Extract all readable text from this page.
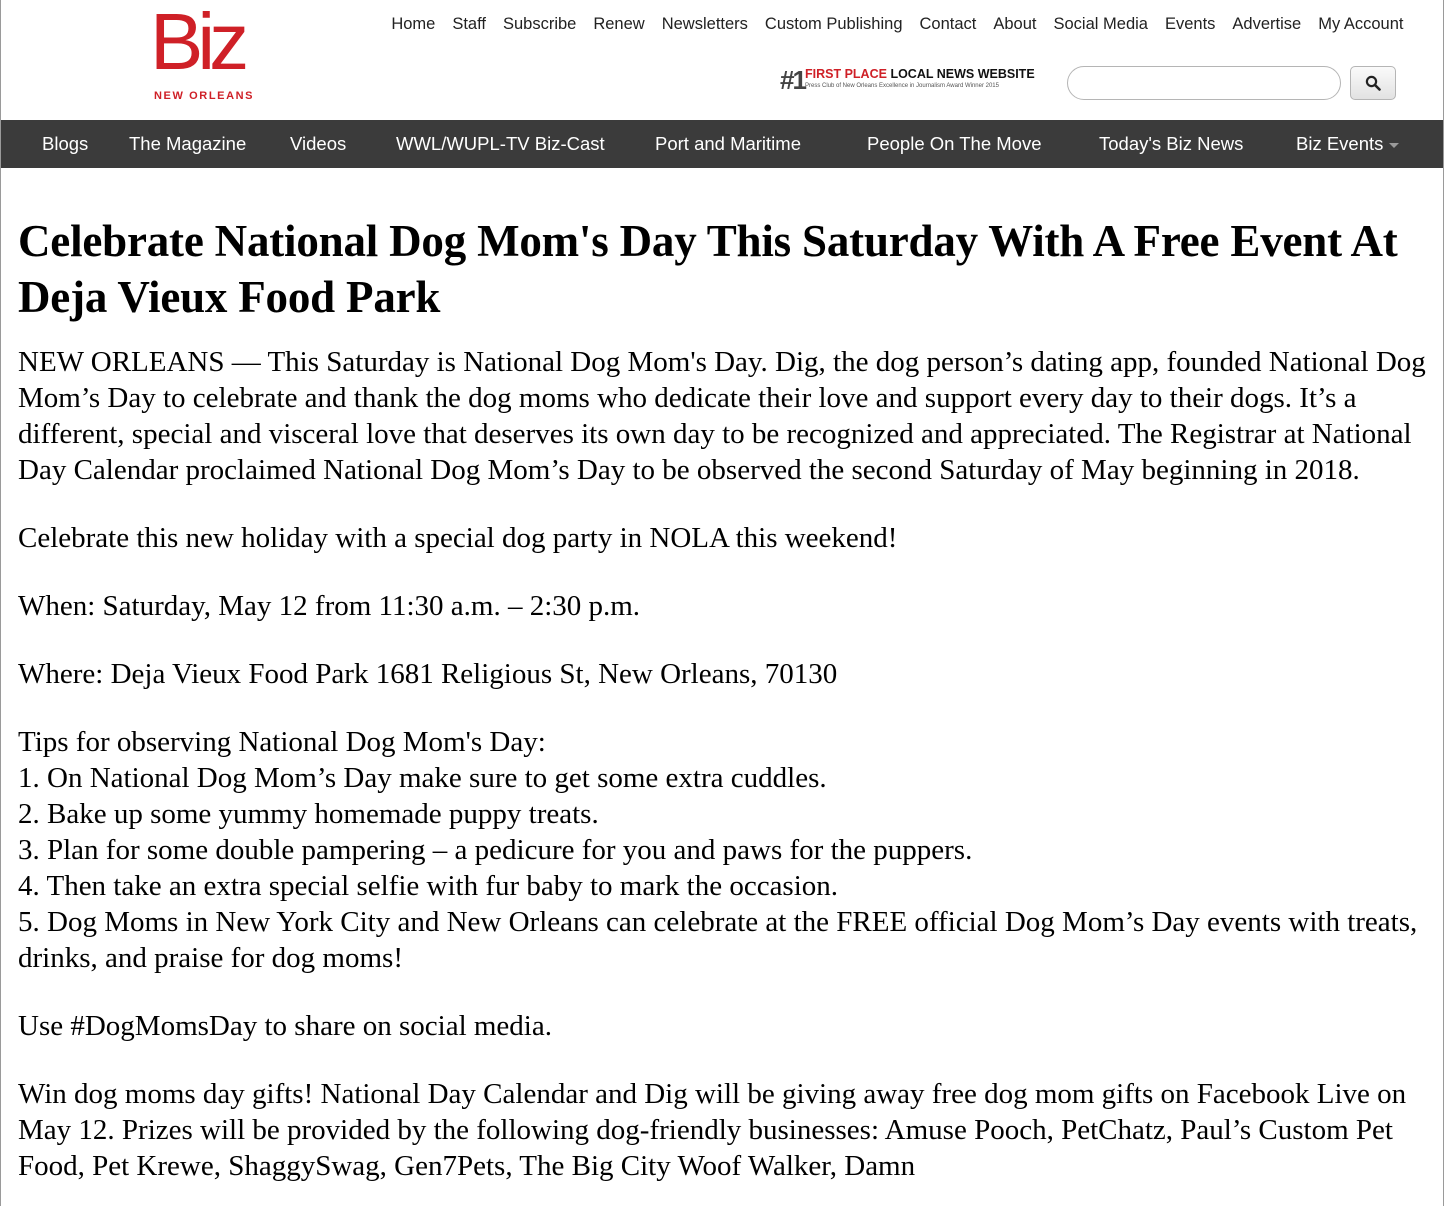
Biz
NEW ORLEANS
Home	Staff	Subscribe	Renew	Newsletters	Custom Publishing	Contact	About	Social Media	Events	Advertise	My Account
#1 FIRST PLACE LOCAL NEWS WEBSITE
Press Club of New Orleans Excellence in Journalism Award Winner 2015
Blogs The Magazine Videos	WWL/WUPL-TV Biz-Cast	Port and Maritime	People On The Move	Today's Biz News	Biz Events
Celebrate National Dog Mom's Day This Saturday With A Free Event At Deja Vieux Food Park

NEW ORLEANS — This Saturday is National Dog Mom's Day. Dig, the dog person’s dating app, founded National Dog Mom’s Day to celebrate and thank the dog moms who dedicate their love and support every day to their dogs. It’s a different, special and visceral love that deserves its own day to be recognized and appreciated. The Registrar at National Day Calendar proclaimed National Dog Mom’s Day to be observed the second Saturday of May beginning in 2018.

Celebrate this new holiday with a special dog party in NOLA this weekend!

When: Saturday, May 12 from 11:30 a.m. – 2:30 p.m.

Where: Deja Vieux Food Park 1681 Religious St, New Orleans, 70130

Tips for observing National Dog Mom's Day:
1. On National Dog Mom’s Day make sure to get some extra cuddles.
2. Bake up some yummy homemade puppy treats.
3. Plan for some double pampering – a pedicure for you and paws for the puppers.
4. Then take an extra special selfie with fur baby to mark the occasion.
5. Dog Moms in New York City and New Orleans can celebrate at the FREE official Dog Mom’s Day events with treats, drinks, and praise for dog moms!

Use #DogMomsDay to share on social media.

Win dog moms day gifts! National Day Calendar and Dig will be giving away free dog mom gifts on Facebook Live on May 12. Prizes will be provided by the following dog-friendly businesses: Amuse Pooch, PetChatz, Paul’s Custom Pet Food, Pet Krewe, ShaggySwag, Gen7Pets, The Big City Woof Walker, Damn
